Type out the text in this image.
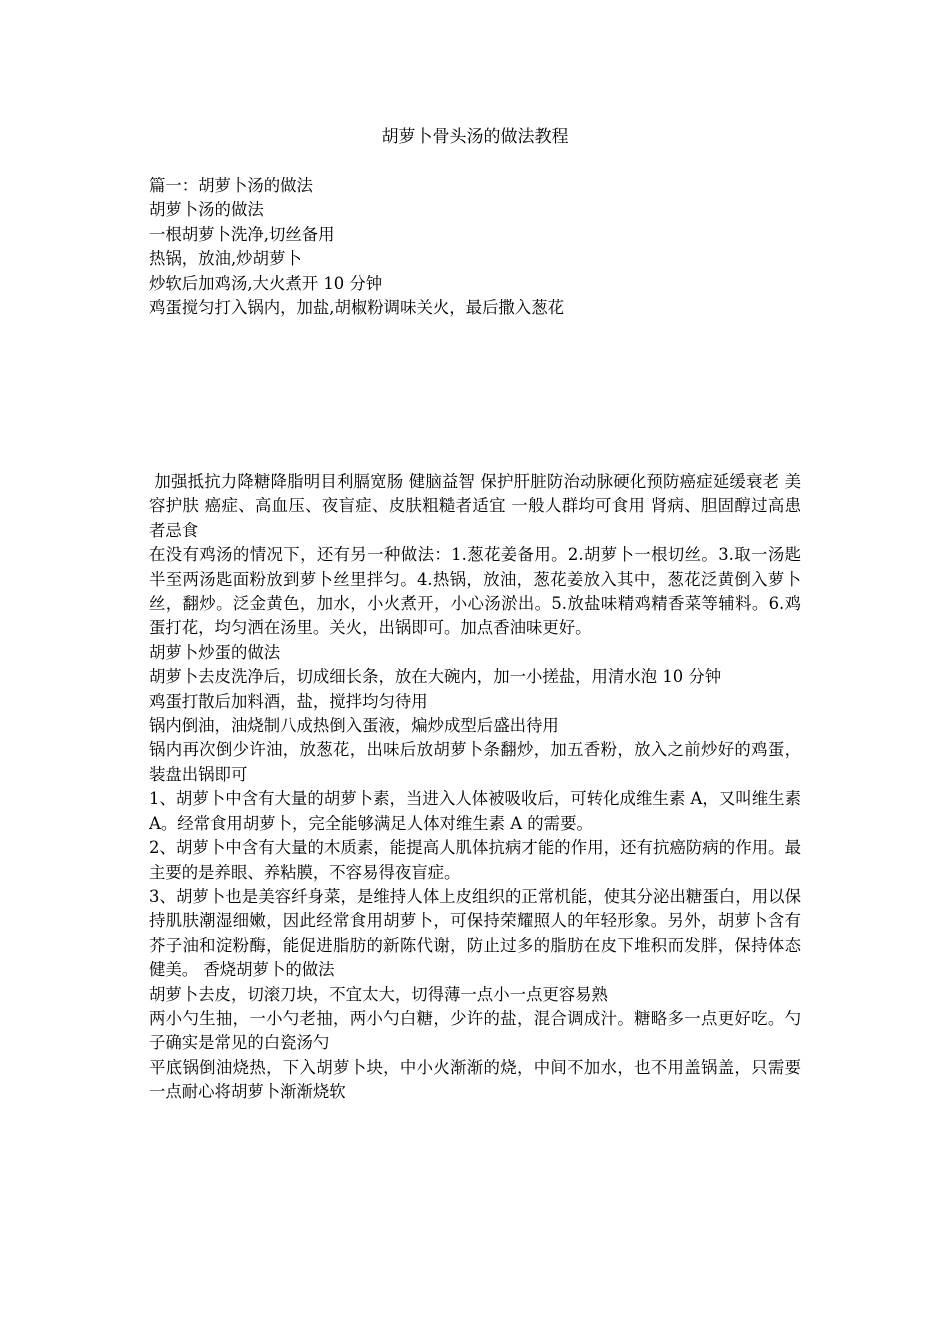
胡萝卜骨头汤的做法教程

篇一：胡萝卜汤的做法

胡萝卜汤的做法

一根胡萝卜洗净,切丝备用

热锅，放油,炒胡萝卜

炒软后加鸡汤,大火煮开 10 分钟

鸡蛋搅匀打入锅内，加盐,胡椒粉调味关火，最后撒入葱花

加强抵抗力降糖降脂明目利膈宽肠 健脑益智 保护肝脏防治动脉硬化预防癌症延缓衰老 美容护肤 癌症、高血压、夜盲症、皮肤粗糙者适宜 一般人群均可食用 肾病、胆固醇过高患者忌食

在没有鸡汤的情况下，还有另一种做法：1.葱花姜备用。2.胡萝卜一根切丝。3.取一汤匙半至两汤匙面粉放到萝卜丝里拌匀。4.热锅，放油，葱花姜放入其中，葱花泛黄倒入萝卜丝，翻炒。泛金黄色，加水，小火煮开，小心汤淤出。5.放盐味精鸡精香菜等辅料。6.鸡蛋打花，均匀洒在汤里。关火，出锅即可。加点香油味更好。

胡萝卜炒蛋的做法

胡萝卜去皮洗净后，切成细长条，放在大碗内，加一小搓盐，用清水泡 10 分钟

鸡蛋打散后加料酒，盐，搅拌均匀待用

锅内倒油，油烧制八成热倒入蛋液，煸炒成型后盛出待用

锅内再次倒少许油，放葱花，出味后放胡萝卜条翻炒，加五香粉，放入之前炒好的鸡蛋，装盘出锅即可

1、胡萝卜中含有大量的胡萝卜素，当进入人体被吸收后，可转化成维生素 A，又叫维生素 A。经常食用胡萝卜，完全能够满足人体对维生素 A 的需要。

2、胡萝卜中含有大量的木质素，能提高人肌体抗病才能的作用，还有抗癌防病的作用。最主要的是养眼、养粘膜，不容易得夜盲症。

3、胡萝卜也是美容纤身菜，是维持人体上皮组织的正常机能，使其分泌出糖蛋白，用以保持肌肤潮湿细嫩，因此经常食用胡萝卜，可保持荣耀照人的年轻形象。另外，胡萝卜含有芥子油和淀粉酶，能促进脂肪的新陈代谢，防止过多的脂肪在皮下堆积而发胖，保持体态健美。 香烧胡萝卜的做法

胡萝卜去皮，切滚刀块，不宜太大，切得薄一点小一点更容易熟

两小勺生抽，一小勺老抽，两小勺白糖，少许的盐，混合调成汁。糖略多一点更好吃。勺子确实是常见的白瓷汤勺

平底锅倒油烧热，下入胡萝卜块，中小火渐渐的烧，中间不加水，也不用盖锅盖，只需要一点耐心将胡萝卜渐渐烧软
